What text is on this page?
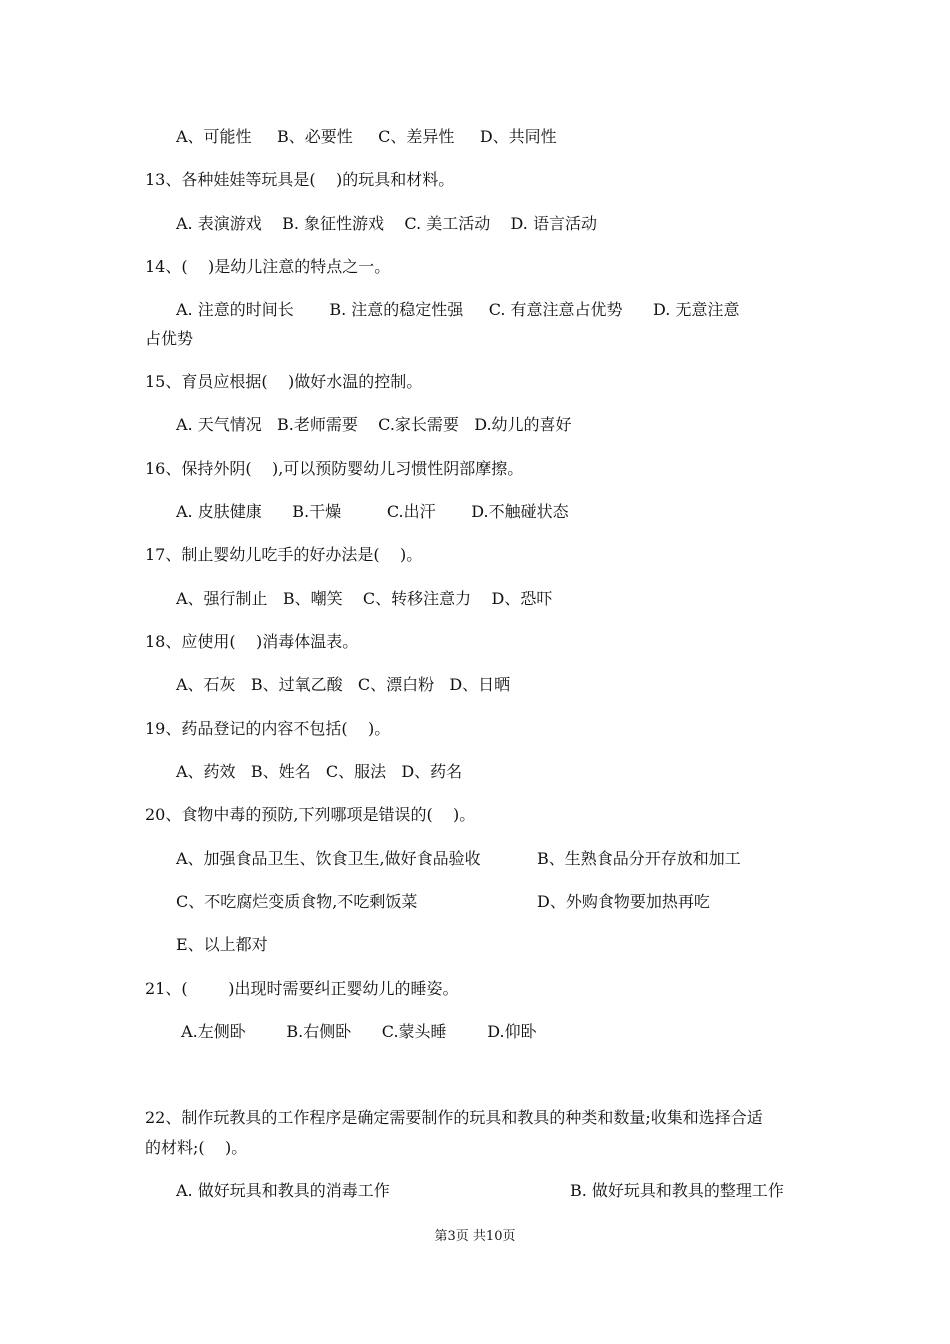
A、可能性     B、必要性     C、差异性     D、共同性
13、各种娃娃等玩具是(    )的玩具和材料。
A. 表演游戏    B. 象征性游戏    C. 美工活动    D. 语言活动
14、(    )是幼儿注意的特点之一。
A. 注意的时间长       B. 注意的稳定性强     C. 有意注意占优势      D. 无意注意
占优势
15、育员应根据(    )做好水温的控制。
A. 天气情况   B.老师需要    C.家长需要   D.幼儿的喜好
16、保持外阴(    ),可以预防婴幼儿习惯性阴部摩擦。
A. 皮肤健康      B.干燥         C.出汗       D.不触碰状态
17、制止婴幼儿吃手的好办法是(    )。
A、强行制止   B、嘲笑    C、转移注意力    D、恐吓
18、应使用(    )消毒体温表。
A、石灰   B、过氧乙酸   C、漂白粉   D、日晒
19、药品登记的内容不包括(    )。
A、药效   B、姓名   C、服法   D、药名
20、食物中毒的预防,下列哪项是错误的(    )。
A、加强食品卫生、饮食卫生,做好食品验收	B、生熟食品分开存放和加工
C、不吃腐烂变质食物,不吃剩饭菜	D、外购食物要加热再吃
E、以上都对
21、(        )出现时需要纠正婴幼儿的睡姿。
A.左侧卧        B.右侧卧      C.蒙头睡        D.仰卧
22、制作玩教具的工作程序是确定需要制作的玩具和教具的种类和数量;收集和选择合适
的材料;(    )。
A. 做好玩具和教具的消毒工作	B. 做好玩具和教具的整理工作
第3页 共10页
